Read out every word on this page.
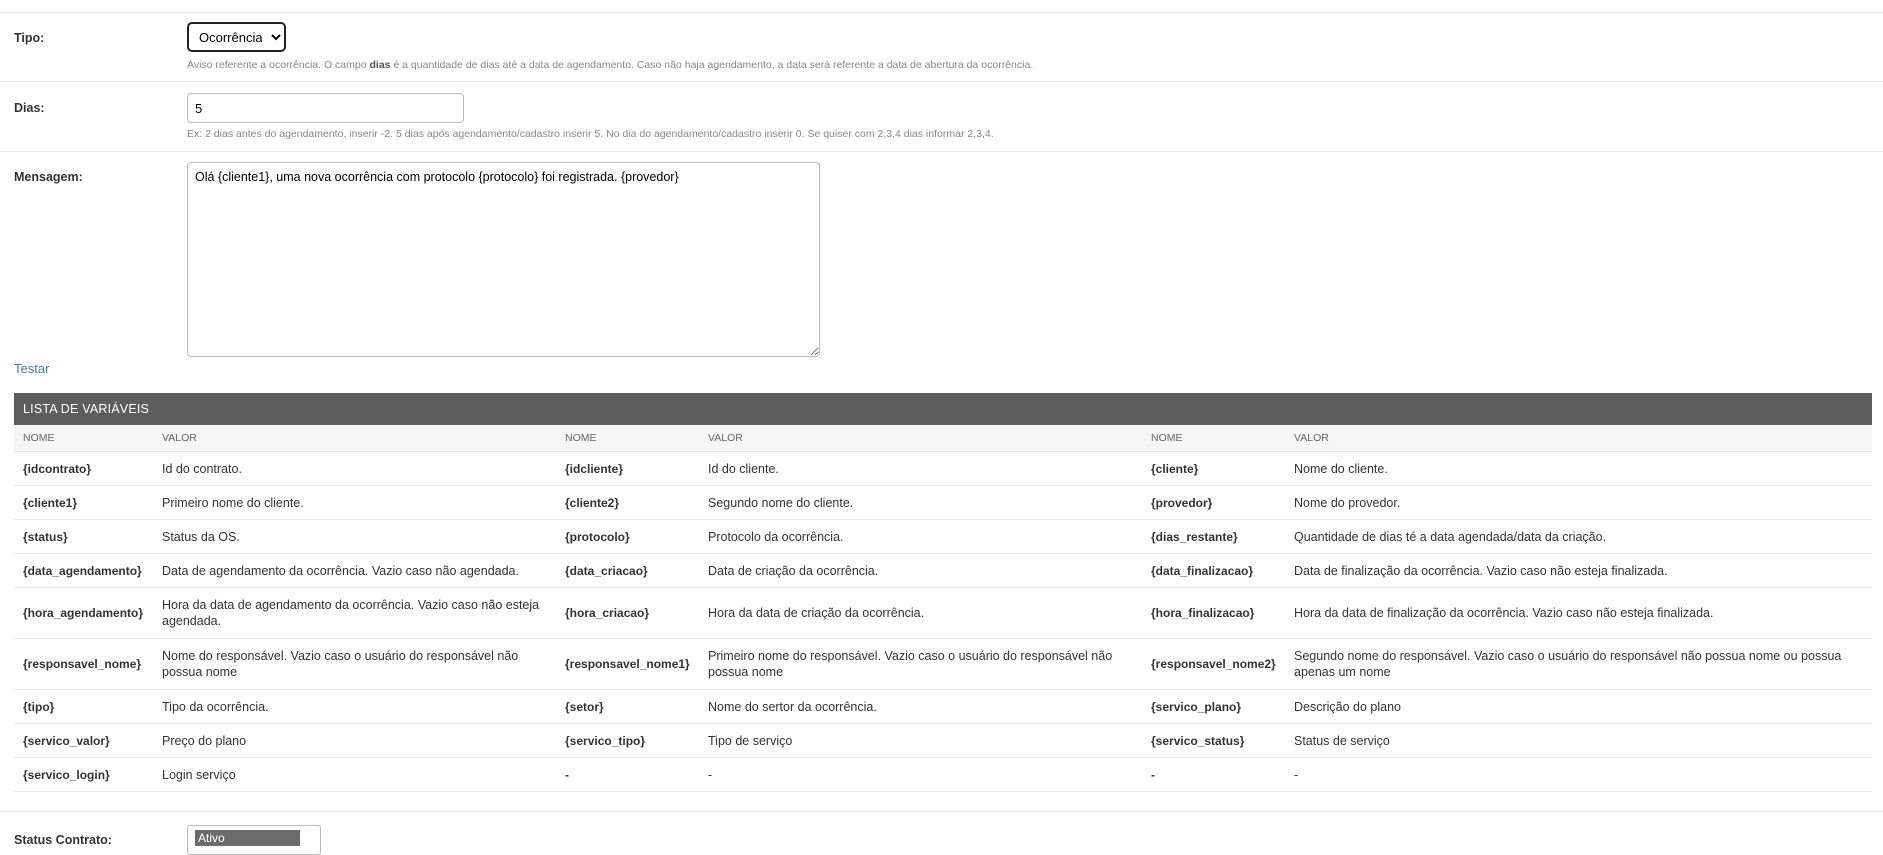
Tipo:
Ocorrência
Aviso referente a ocorrência. O campo dias é a quantidade de dias até a data de agendamento. Caso não haja agendamento, a data será referente a data de abertura da ocorrência.
Dias:
5
Ex: 2 dias antes do agendamento, inserir -2. 5 dias após agendamento/cadastro inserir 5. No dia do agendamento/cadastro inserir 0. Se quiser com 2,3,4 dias informar 2,3,4.
Mensagem:
Olá {cliente1}, uma nova ocorrência com protocolo {protocolo} foi registrada. {provedor}
Testar
LISTA DE VARIÁVEIS
NOME	VALOR	NOME	VALOR	NOME	VALOR
{idcontrato}	Id do contrato.	{idcliente}	Id do cliente.	{cliente}	Nome do cliente.
{cliente1}	Primeiro nome do cliente.	{cliente2}	Segundo nome do cliente.	{provedor}	Nome do provedor.
{status}	Status da OS.	{protocolo}	Protocolo da ocorrência.	{dias_restante}	Quantidade de dias té a data agendada/data da criação.
{data_agendamento}	Data de agendamento da ocorrência. Vazio caso não agendada.	{data_criacao}	Data de criação da ocorrência.	{data_finalizacao}	Data de finalização da ocorrência. Vazio caso não esteja finalizada.
{hora_agendamento}	Hora da data de agendamento da ocorrência. Vazio caso não esteja agendada.	{hora_criacao}	Hora da data de criação da ocorrência.	{hora_finalizacao}	Hora da data de finalização da ocorrência. Vazio caso não esteja finalizada.
{responsavel_nome}	Nome do responsável. Vazio caso o usuário do responsável não possua nome	{responsavel_nome1}	Primeiro nome do responsável. Vazio caso o usuário do responsável não possua nome	{responsavel_nome2}	Segundo nome do responsável. Vazio caso o usuário do responsável não possua nome ou possua apenas um nome
{tipo}	Tipo da ocorrência.	{setor}	Nome do sertor da ocorrência.	{servico_plano}	Descrição do plano
{servico_valor}	Preço do plano	{servico_tipo}	Tipo de serviço	{servico_status}	Status de serviço
{servico_login}	Login serviço	-	-	-	-
Status Contrato:	Ativo
